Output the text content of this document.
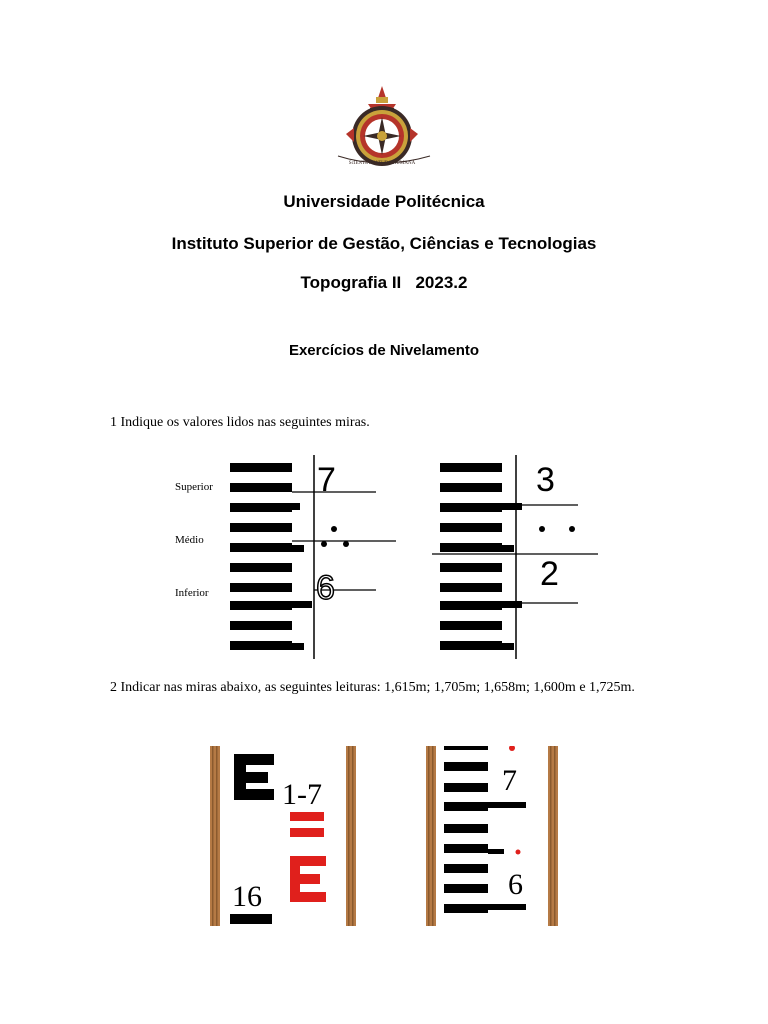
ScIENTIA NATURA HUMANA
Universidade Politécnica
Instituto Superior de Gestão, Ciências e Tecnologias
Topografia II   2023.2
Exercícios de Nivelamento
1 Indique os valores lidos nas seguintes miras.
Superior
Médio
Inferior
7
6
3
2
2 Indicar nas miras abaixo, as seguintes leituras: 1,615m; 1,705m; 1,658m; 1,600m e 1,725m.
1-7
16
7
6
